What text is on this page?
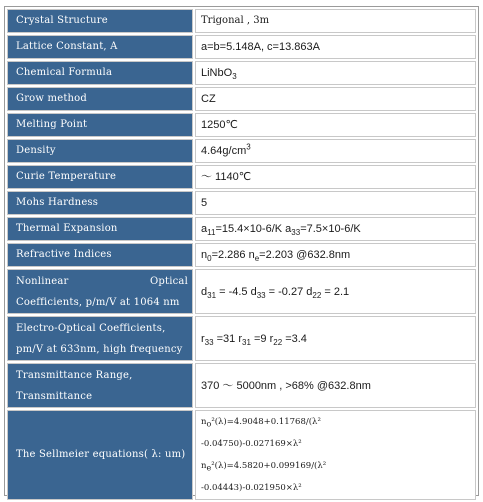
Crystal Structure	Trigonal , 3m
Lattice Constant, A	a=b=5.148A, c=13.863A
Chemical Formula	LiNbO$_3$
Grow method	CZ
Melting Point	1250℃
Density	$4.64g/cm^3$
Curie Temperature	～ 1140℃
Mohs Hardness	5
Thermal Expansion	$a_{11}=15.4\times 10-6/K$ $a_{33}=7.5\times 10-6/K$
Refractive Indices	$n_0=2.286$ $n_e=2.203$ @632.8nm

Nonlinear Optical
Coefficients, p/m/V at 1064 nm	$d_{31} = -4.5$ $d_{33} = -0.27$ $d_{22} = 2.1$

Electro-Optical Coefficients,
pm/V at 633nm, high frequency	$r_{33} =31$ $r_{31} =9$ $r_{22} =3.4$

Transmittance Range,
Transmittance	370 ～ 5000nm , >68% @632.8nm
The Sellmeier equations( λ: um)	$n_o^2(\lambda)=4.9048+0.11768/(\lambda^2$
-0.04750)-0.027169×λ²
$n_e^2(\lambda)=4.5820+0.099169/(\lambda^2$
-0.04443)-0.021950×λ²
